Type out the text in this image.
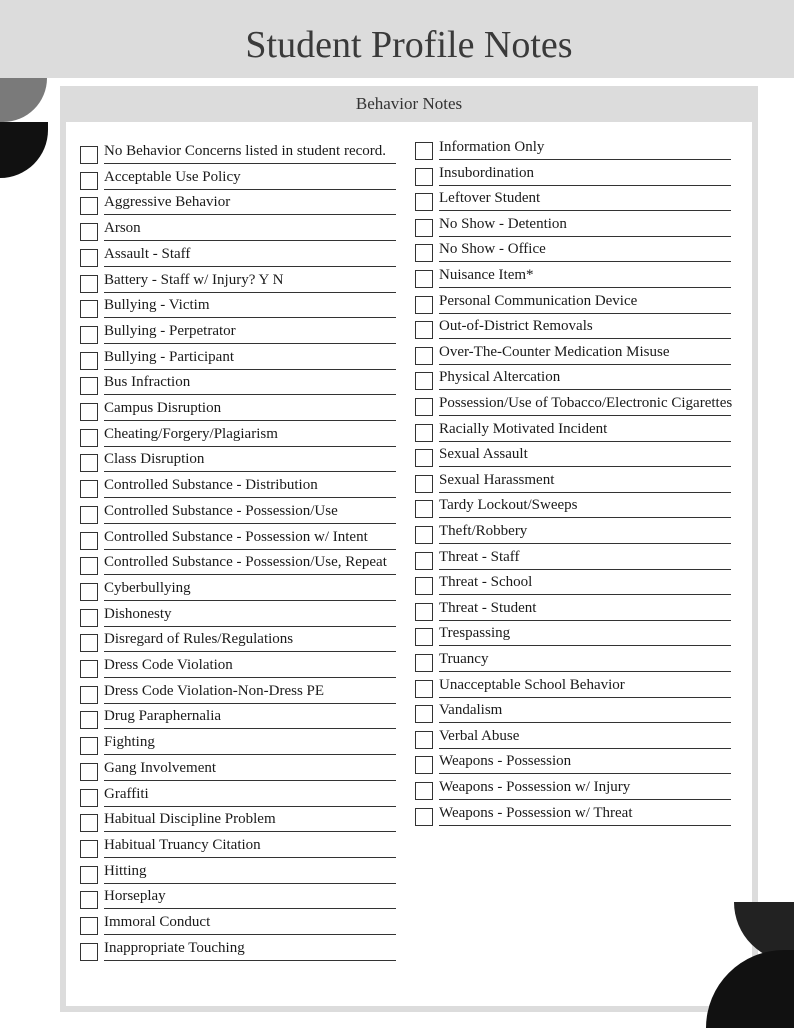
Student Profile Notes
Behavior Notes
No Behavior Concerns listed in student record.
Acceptable Use Policy
Aggressive Behavior
Arson
Assault - Staff
Battery - Staff w/ Injury? Y N
Bullying - Victim
Bullying - Perpetrator
Bullying - Participant
Bus Infraction
Campus Disruption
Cheating/Forgery/Plagiarism
Class Disruption
Controlled Substance - Distribution
Controlled Substance - Possession/Use
Controlled Substance - Possession w/ Intent
Controlled Substance - Possession/Use, Repeat
Cyberbullying
Dishonesty
Disregard of Rules/Regulations
Dress Code Violation
Dress Code Violation-Non-Dress PE
Drug Paraphernalia
Fighting
Gang Involvement
Graffiti
Habitual Discipline Problem
Habitual Truancy Citation
Hitting
Horseplay
Immoral Conduct
Inappropriate Touching
Information Only
Insubordination
Leftover Student
No Show - Detention
No Show - Office
Nuisance Item*
Personal Communication Device
Out-of-District Removals
Over-The-Counter Medication Misuse
Physical Altercation
Possession/Use of Tobacco/Electronic Cigarettes
Racially Motivated Incident
Sexual Assault
Sexual Harassment
Tardy Lockout/Sweeps
Theft/Robbery
Threat - Staff
Threat - School
Threat - Student
Trespassing
Truancy
Unacceptable School Behavior
Vandalism
Verbal Abuse
Weapons - Possession
Weapons - Possession w/ Injury
Weapons - Possession w/ Threat
